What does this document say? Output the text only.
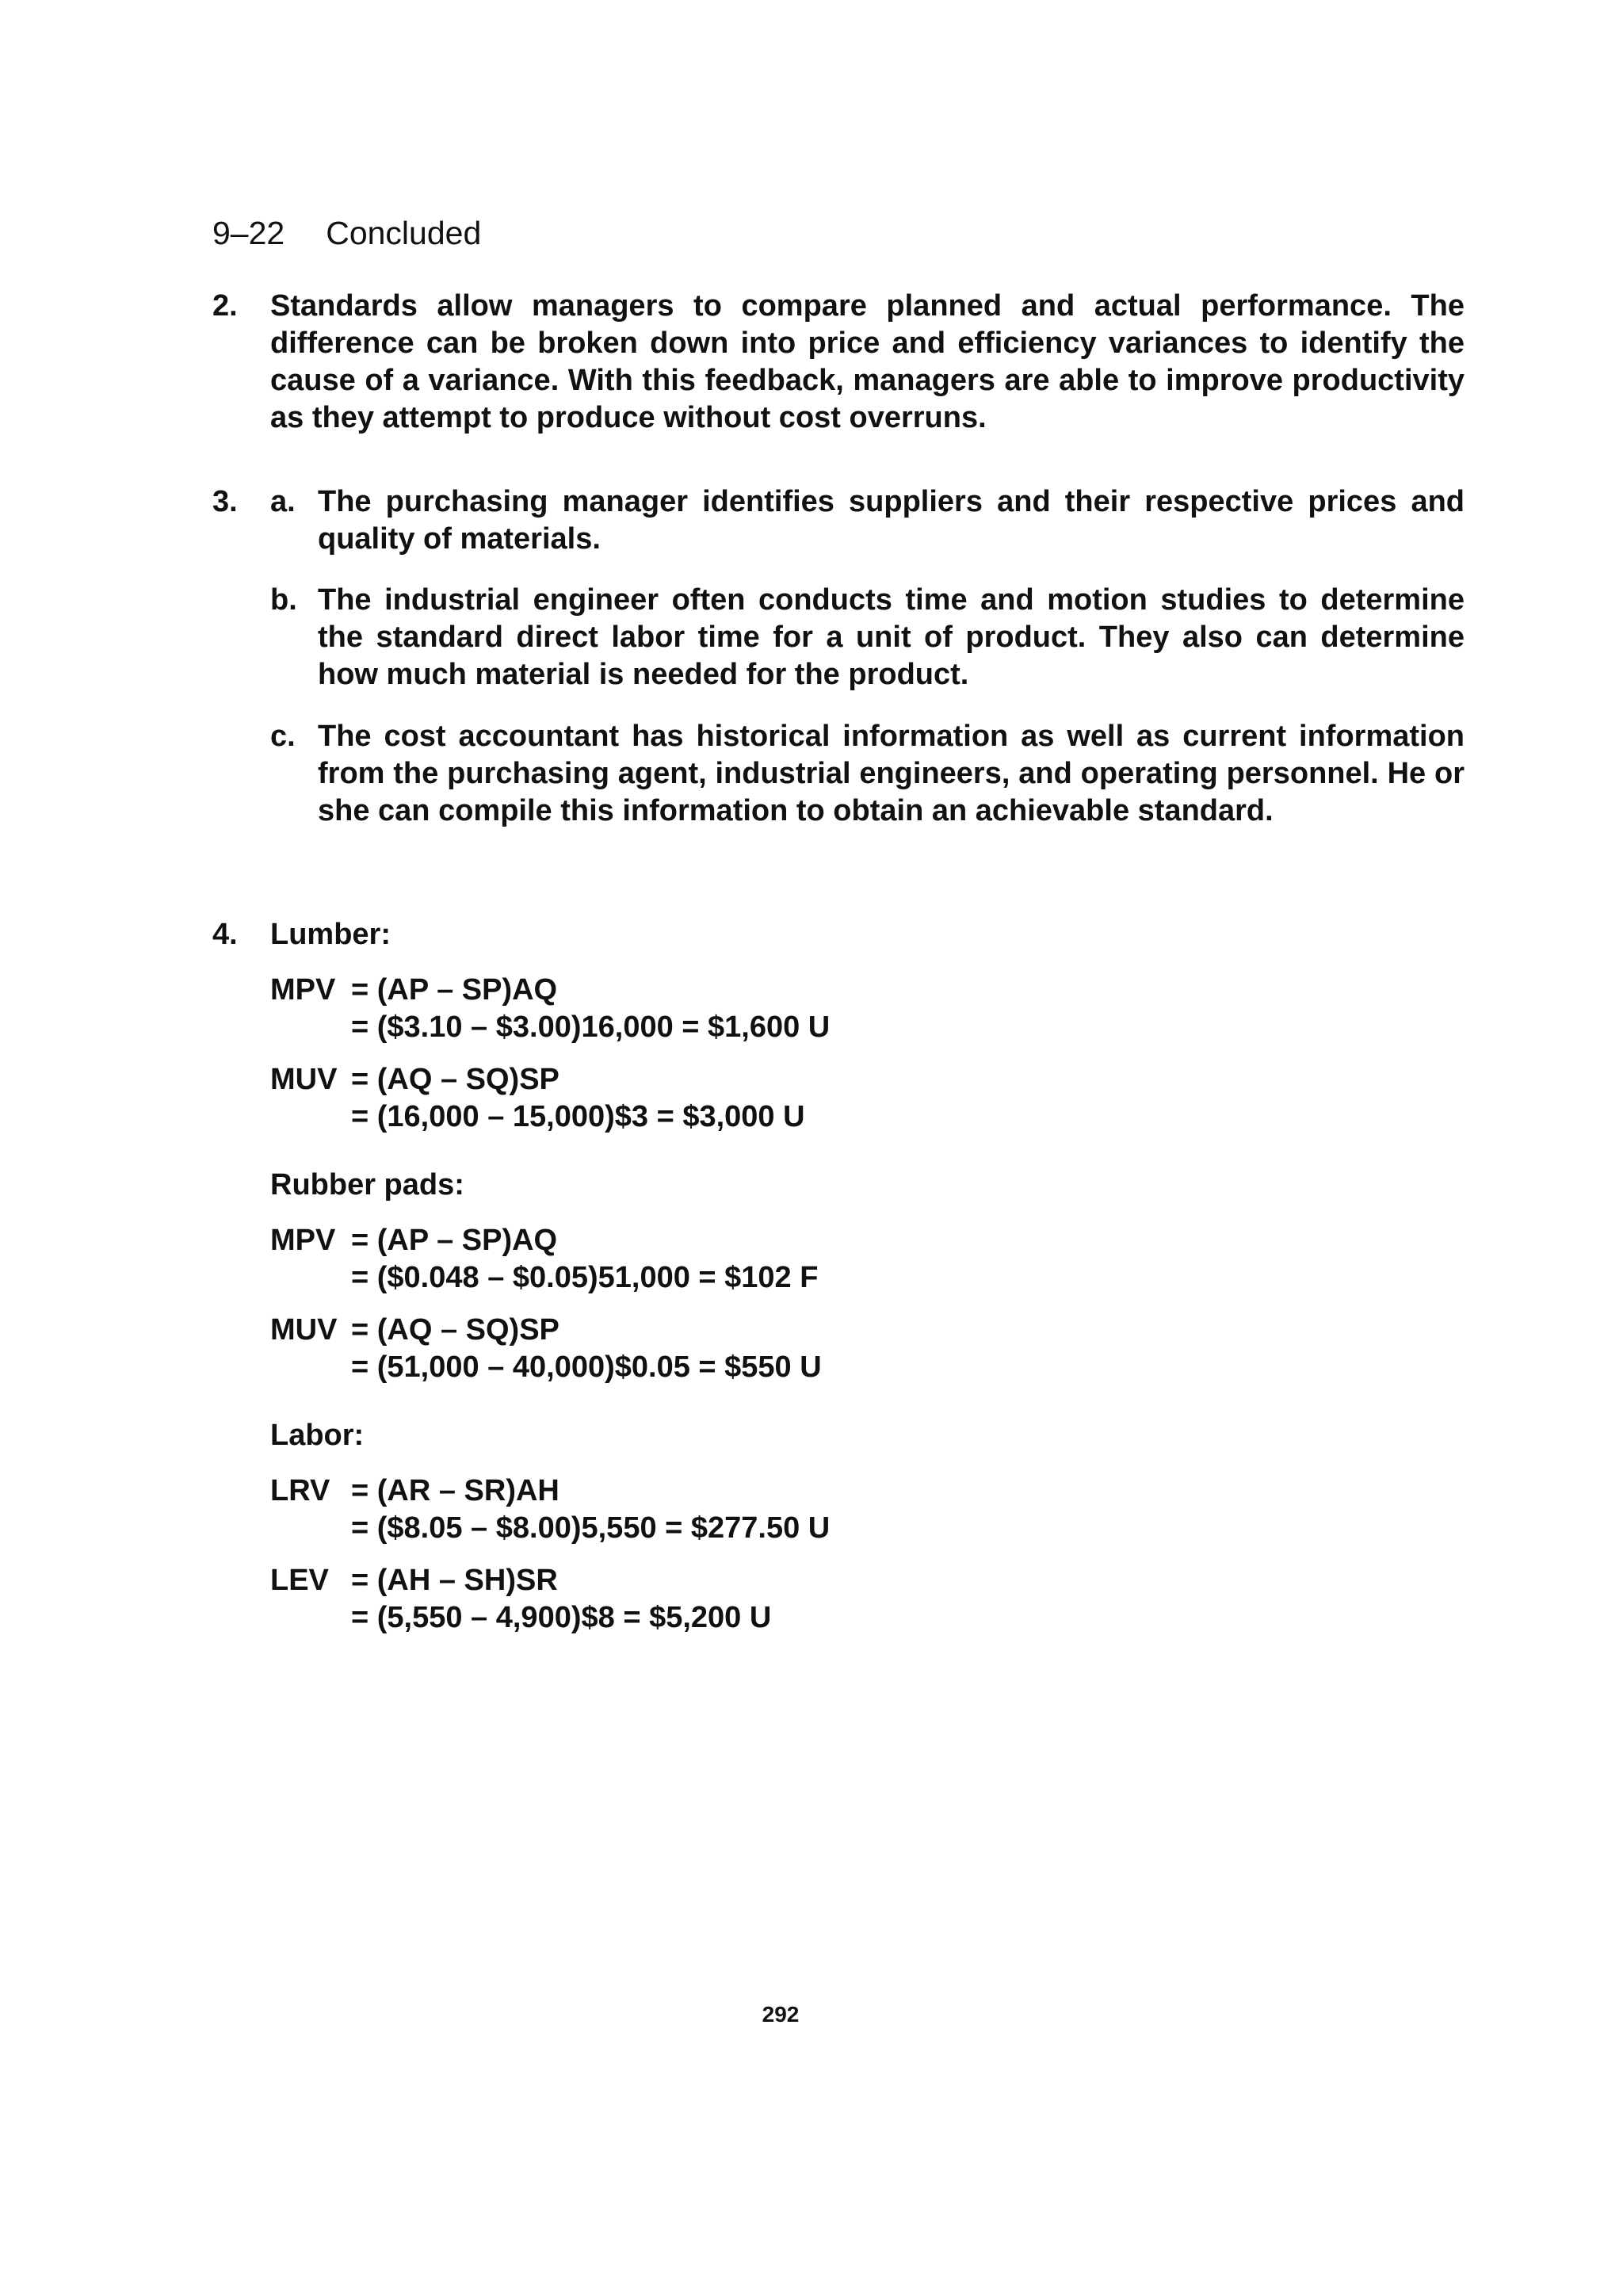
9–22 Concluded
2. Standards allow managers to compare planned and actual performance. The difference can be broken down into price and efficiency variances to identify the cause of a variance. With this feedback, managers are able to improve productivity as they attempt to produce without cost overruns.

3. a. The purchasing manager identifies suppliers and their respective prices and quality of materials.

b. The industrial engineer often conducts time and motion studies to determine the standard direct labor time for a unit of product. They also can determine how much material is needed for the product.

c. The cost accountant has historical information as well as current information from the purchasing agent, industrial engineers, and operating personnel. He or she can compile this information to obtain an achievable standard.

4. Lumber:
MPV = (AP – SP)AQ
= ($3.10 – $3.00)16,000 = $1,600 U
MUV = (AQ – SQ)SP
= (16,000 – 15,000)$3 = $3,000 U
Rubber pads:
MPV = (AP – SP)AQ
= ($0.048 – $0.05)51,000 = $102 F
MUV = (AQ – SQ)SP
= (51,000 – 40,000)$0.05 = $550 U
Labor:
LRV = (AR – SR)AH
= ($8.05 – $8.00)5,550 = $277.50 U
LEV = (AH – SH)SR
= (5,550 – 4,900)$8 = $5,200 U
292
